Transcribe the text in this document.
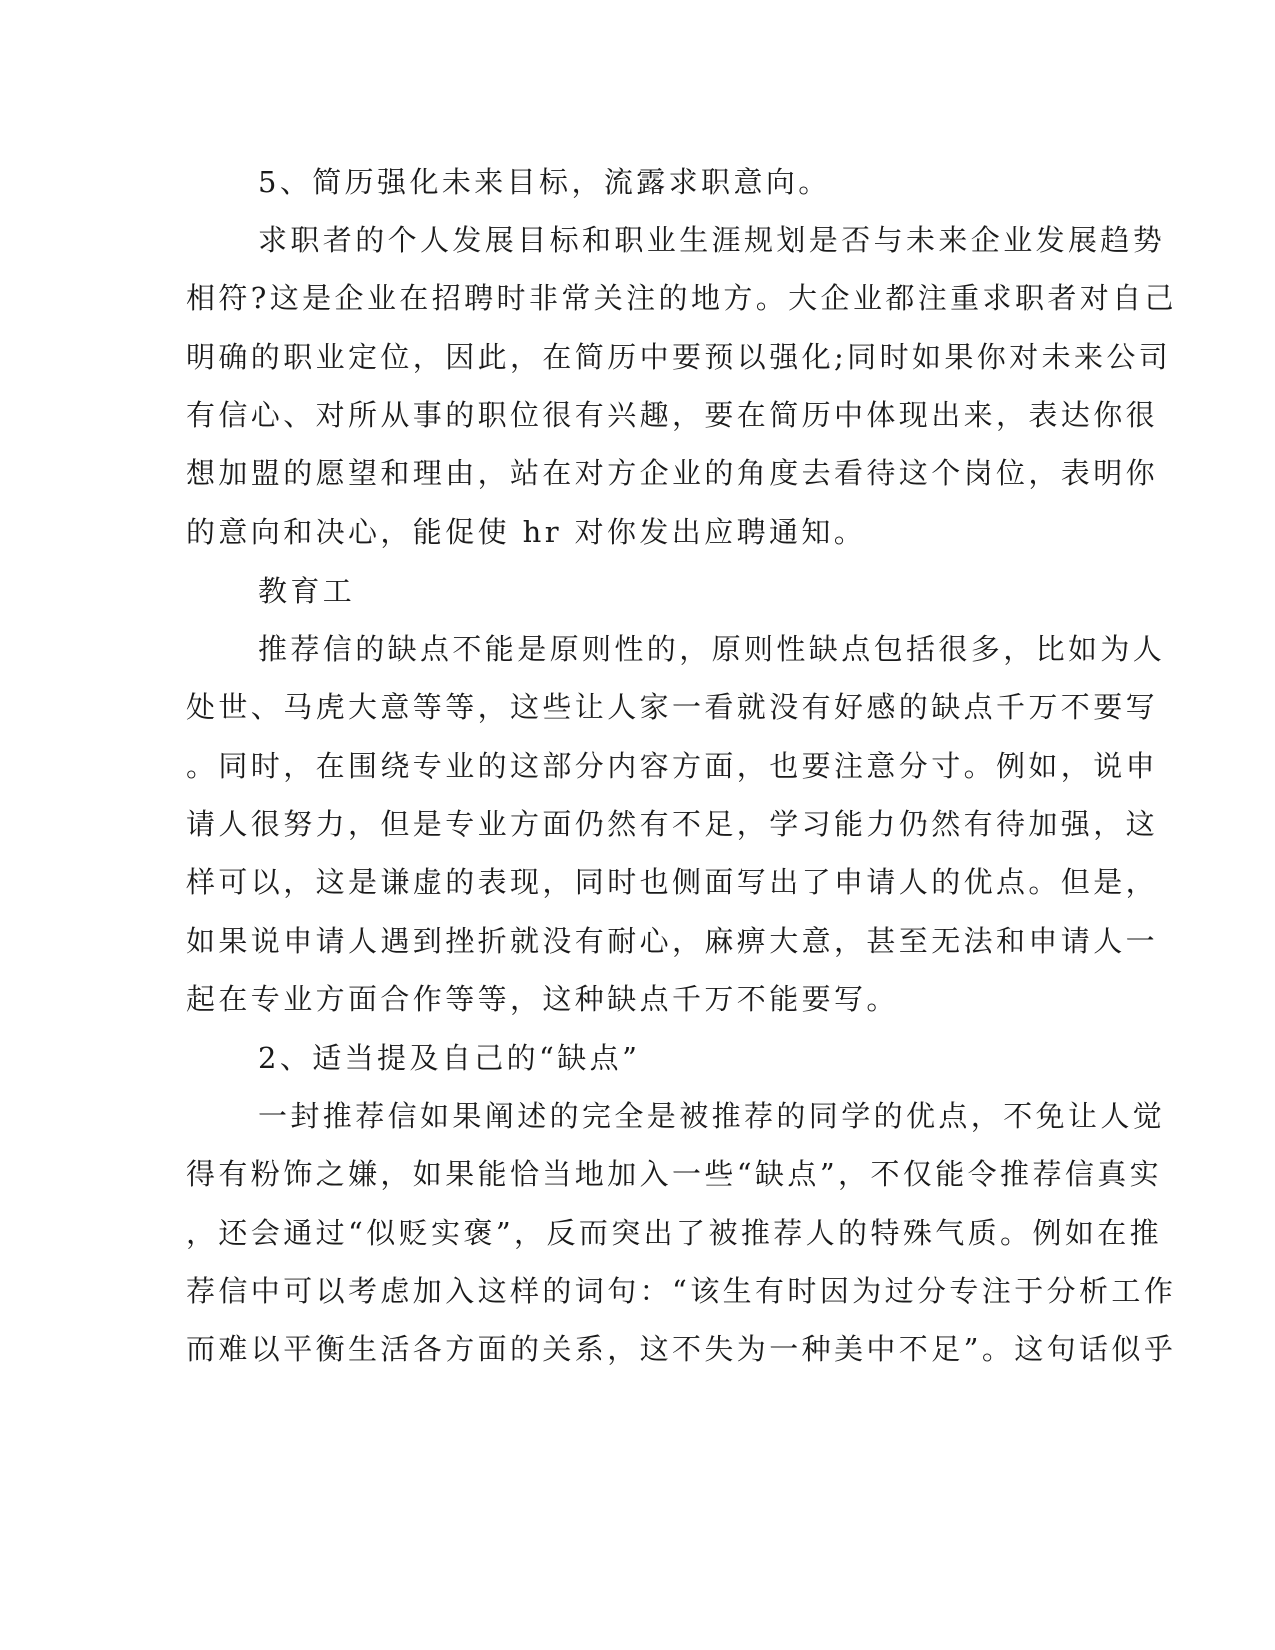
5、简历强化未来目标，流露求职意向。

求职者的个人发展目标和职业生涯规划是否与未来企业发展趋势

相符?这是企业在招聘时非常关注的地方。大企业都注重求职者对自己

明确的职业定位，因此，在简历中要预以强化;同时如果你对未来公司

有信心、对所从事的职位很有兴趣，要在简历中体现出来，表达你很

想加盟的愿望和理由，站在对方企业的角度去看待这个岗位，表明你

的意向和决心，能促使 hr 对你发出应聘通知。

教育工

推荐信的缺点不能是原则性的，原则性缺点包括很多，比如为人

处世、马虎大意等等，这些让人家一看就没有好感的缺点千万不要写

。同时，在围绕专业的这部分内容方面，也要注意分寸。例如，说申

请人很努力，但是专业方面仍然有不足，学习能力仍然有待加强，这

样可以，这是谦虚的表现，同时也侧面写出了申请人的优点。但是，

如果说申请人遇到挫折就没有耐心，麻痹大意，甚至无法和申请人一

起在专业方面合作等等，这种缺点千万不能要写。

2、适当提及自己的“缺点”

一封推荐信如果阐述的完全是被推荐的同学的优点，不免让人觉

得有粉饰之嫌，如果能恰当地加入一些“缺点”，不仅能令推荐信真实

，还会通过“似贬实褒”，反而突出了被推荐人的特殊气质。例如在推

荐信中可以考虑加入这样的词句：“该生有时因为过分专注于分析工作

而难以平衡生活各方面的关系，这不失为一种美中不足”。这句话似乎
